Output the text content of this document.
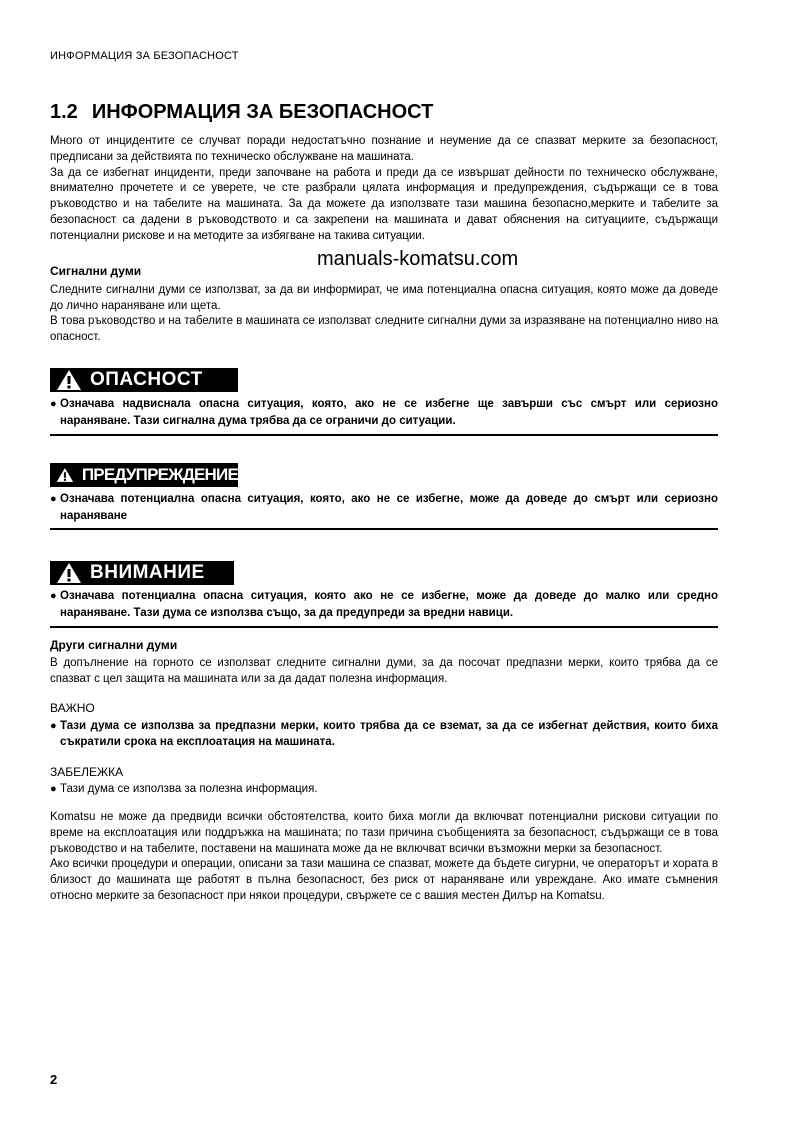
ИНФОРМАЦИЯ ЗА БЕЗОПАСНОСТ
1.2 ИНФОРМАЦИЯ ЗА БЕЗОПАСНОСТ

Много от инцидентите се случват поради недостатъчно познание и неумение да се спазват мерките за безопасност, предписани за действията по техническо обслужване на машината.

За да се избегнат инциденти, преди започване на работа и преди да се извършат дейности по техническо обслужване, внимателно прочетете и се уверете, че сте разбрали цялата информация и предупреждения, съдържащи се в това ръководство и на табелите на машината. За да можете да използвате тази машина безопасно,мерките и табелите за безопасност са дадени в ръководството и са закрепени на машината и дават обяснения на ситуациите, съдържащи потенциални рискове и на методите за избягване на такива ситуации.

Сигнални думи

Следните сигнални думи се използват, за да ви информират, че има потенциална опасна ситуация, която може да доведе до лично нараняване или щета.

В това ръководство и на табелите в машината се използват следните сигнални думи за изразяване на потенциално ниво на опасност.

manuals-komatsu.com
ОПАСНОСТ
● Означава надвиснала опасна ситуация, която, ако не се избегне ще завърши със смърт или сериозно нараняване. Тази сигнална дума трябва да се ограничи до ситуации.
ПРЕДУПРЕЖДЕНИЕ
● Означава потенциална опасна ситуация, която, ако не се избегне, може да доведе до смърт или сериозно нараняване
ВНИМАНИЕ
● Означава потенциална опасна ситуация, която ако не се избегне, може да доведе до малко или средно нараняване. Тази дума се използва също, за да предупреди за вредни навици.

Други сигнални думи

В допълнение на горното се използват следните сигнални думи, за да посочат предпазни мерки, които трябва да се спазват с цел защита на машината или за да дадат полезна информация.

ВАЖНО

● Тази дума се използва за предпазни мерки, които трябва да се вземат, за да се избегнат действия, които биха съкратили срока на експлоатация на машината.

ЗАБЕЛЕЖКА

● Тази дума се използва за полезна информация.

Komatsu не може да предвиди всички обстоятелства, които биха могли да включват потенциални рискови ситуации по време на експлоатация или поддръжка на машината; по тази причина съобщенията за безопасност, съдържащи се в това ръководство и на табелите, поставени на машината може да не включват всички възможни мерки за безопасност.

Ако всички процедури и операции, описани за тази машина се спазват, можете да бъдете сигурни, че операторът и хората в близост до машината ще работят в пълна безопасност, без риск от нараняване или увреждане. Ако имате съмнения относно мерките за безопасност при някои процедури, свържете се с вашия местен Дилър на Komatsu.

2
